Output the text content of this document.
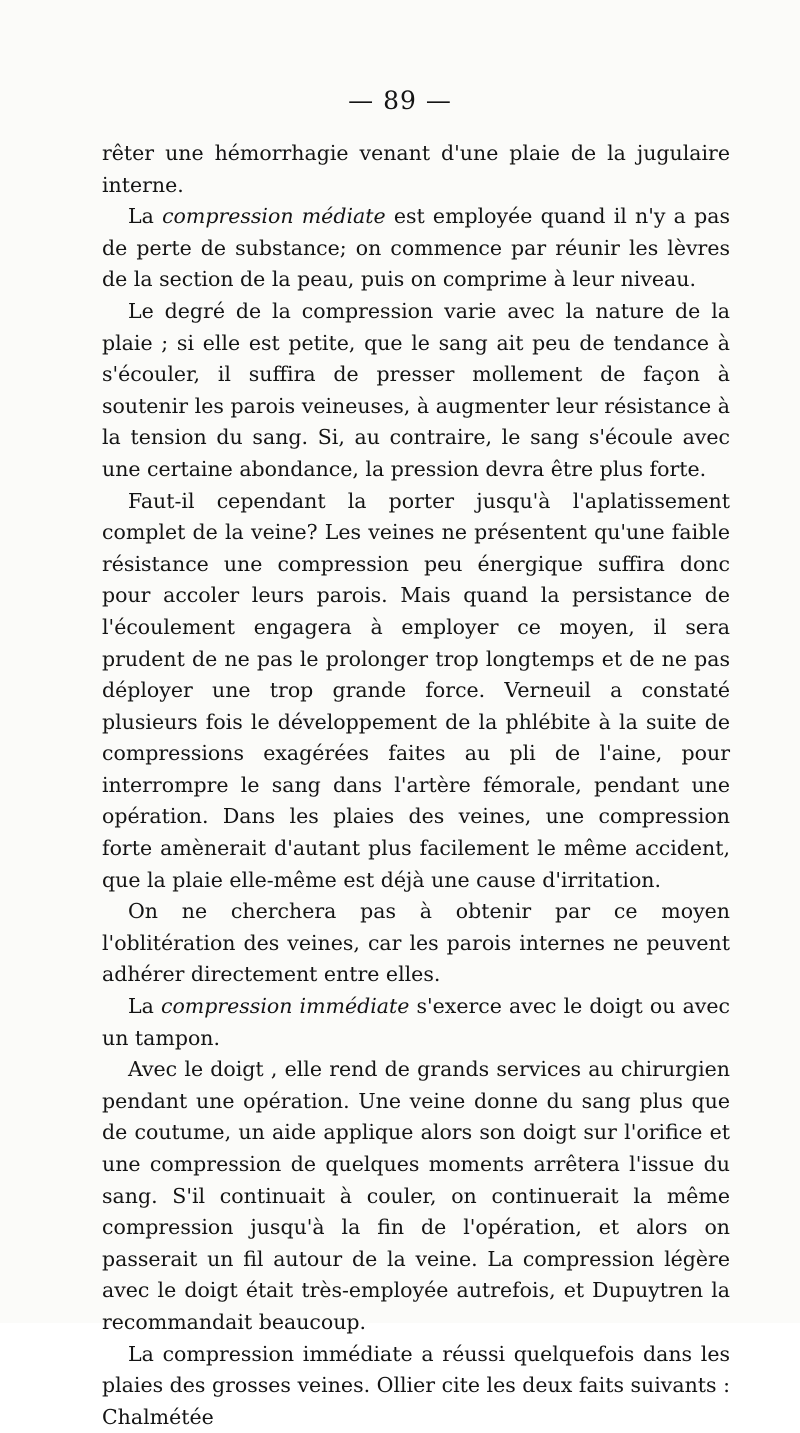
— 89 —

rêter une hémorrhagie venant d'une plaie de la jugulaire interne.

La compression médiate est employée quand il n'y a pas de perte de substance; on commence par réunir les lèvres de la section de la peau, puis on comprime à leur niveau.

Le degré de la compression varie avec la nature de la plaie ; si elle est petite, que le sang ait peu de tendance à s'écouler, il suffira de presser mollement de façon à soutenir les parois veineuses, à augmenter leur résistance à la tension du sang. Si, au contraire, le sang s'écoule avec une certaine abondance, la pression devra être plus forte.

Faut-il cependant la porter jusqu'à l'aplatissement complet de la veine? Les veines ne présentent qu'une faible résistance une compression peu énergique suffira donc pour accoler leurs parois. Mais quand la persistance de l'écoulement engagera à employer ce moyen, il sera prudent de ne pas le prolonger trop longtemps et de ne pas déployer une trop grande force. Verneuil a constaté plusieurs fois le développement de la phlébite à la suite de compressions exagérées faites au pli de l'aine, pour interrompre le sang dans l'artère fémorale, pendant une opération. Dans les plaies des veines, une compression forte amènerait d'autant plus facilement le même accident, que la plaie elle-même est déjà une cause d'irritation.

On ne cherchera pas à obtenir par ce moyen l'oblitération des veines, car les parois internes ne peuvent adhérer directement entre elles.

La compression immédiate s'exerce avec le doigt ou avec un tampon.

Avec le doigt , elle rend de grands services au chirurgien pendant une opération. Une veine donne du sang plus que de coutume, un aide applique alors son doigt sur l'orifice et une compression de quelques moments arrêtera l'issue du sang. S'il continuait à couler, on continuerait la même compression jusqu'à la fin de l'opération, et alors on passerait un fil autour de la veine. La compression légère avec le doigt était très-employée autrefois, et Dupuytren la recommandait beaucoup.

La compression immédiate a réussi quelquefois dans les plaies des grosses veines. Ollier cite les deux faits suivants : Chalmétée
